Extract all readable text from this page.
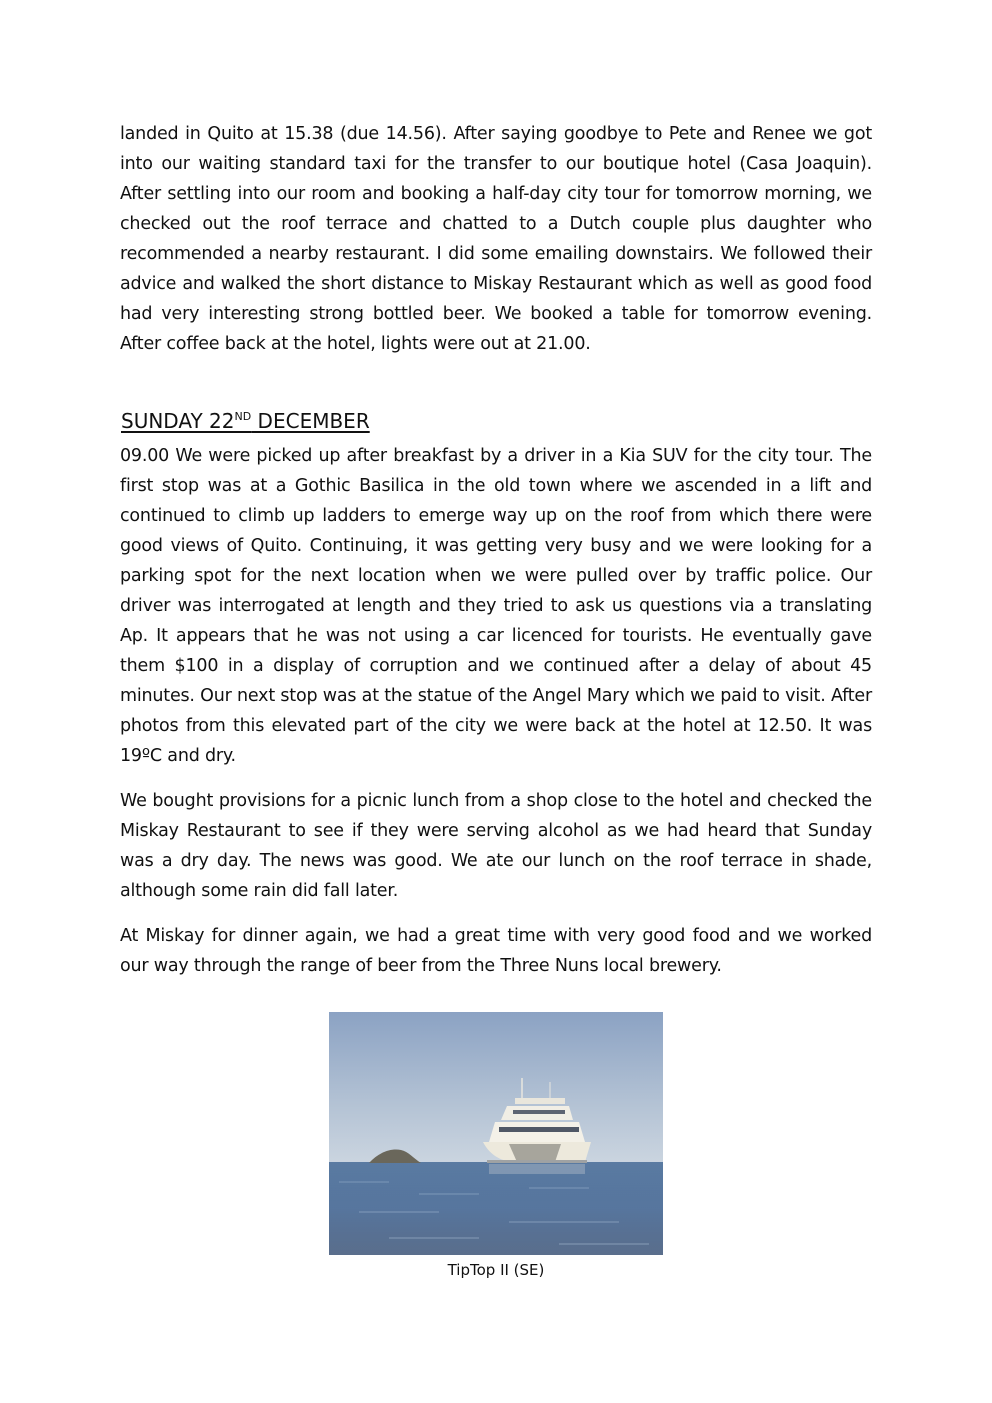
landed in Quito at 15.38 (due 14.56). After saying goodbye to Pete and Renee we got into our waiting standard taxi for the transfer to our boutique hotel (Casa Joaquin). After settling into our room and booking a half-day city tour for tomorrow morning, we checked out the roof terrace and chatted to a Dutch couple plus daughter who recommended a nearby restaurant. I did some emailing downstairs. We followed their advice and walked the short distance to Miskay Restaurant which as well as good food had very interesting strong bottled beer. We booked a table for tomorrow evening. After coffee back at the hotel, lights were out at 21.00.

SUNDAY 22ND DECEMBER

09.00 We were picked up after breakfast by a driver in a Kia SUV for the city tour. The first stop was at a Gothic Basilica in the old town where we ascended in a lift and continued to climb up ladders to emerge way up on the roof from which there were good views of Quito. Continuing, it was getting very busy and we were looking for a parking spot for the next location when we were pulled over by traffic police. Our driver was interrogated at length and they tried to ask us questions via a translating Ap. It appears that he was not using a car licenced for tourists. He eventually gave them $100 in a display of corruption and we continued after a delay of about 45 minutes. Our next stop was at the statue of the Angel Mary which we paid to visit. After photos from this elevated part of the city we were back at the hotel at 12.50. It was 19ºC and dry.

We bought provisions for a picnic lunch from a shop close to the hotel and checked the Miskay Restaurant to see if they were serving alcohol as we had heard that Sunday was a dry day. The news was good. We ate our lunch on the roof terrace in shade, although some rain did fall later.

At Miskay for dinner again, we had a great time with very good food and we worked our way through the range of beer from the Three Nuns local brewery.

TipTop II (SE)
